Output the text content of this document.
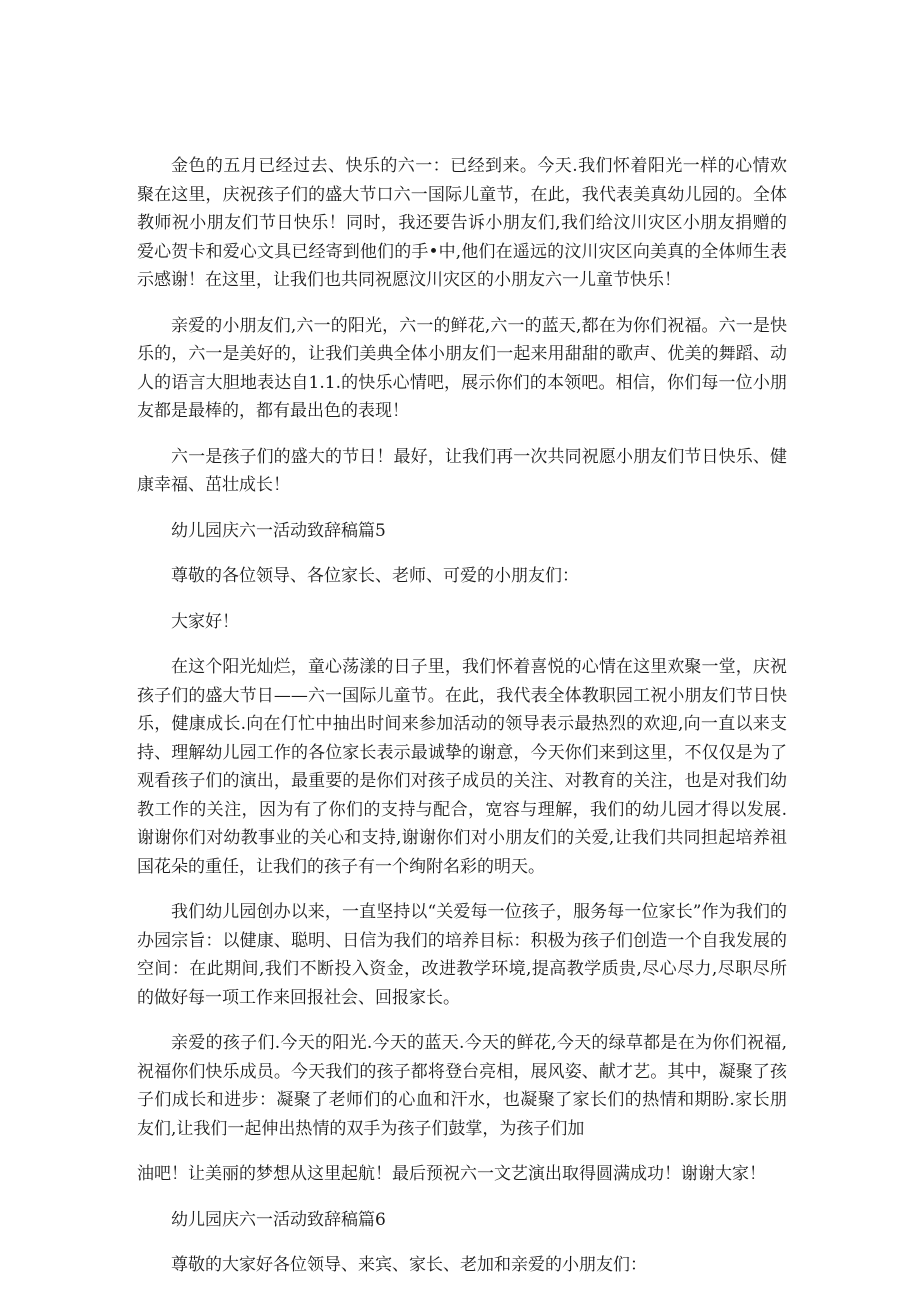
金色的五月已经过去、快乐的六一：已经到来。今天.我们怀着阳光一样的心情欢聚在这里，庆祝孩子们的盛大节口六一国际儿童节，在此，我代表美真幼儿园的。全体教师祝小朋友们节日快乐！同时，我还要告诉小朋友们,我们给汶川灾区小朋友捐赠的爱心贺卡和爱心文具已经寄到他们的手•中,他们在遥远的汶川灾区向美真的全体师生表示感谢！在这里，让我们也共同祝愿汶川灾区的小朋友六一儿童节快乐！

亲爱的小朋友们,六一的阳光，六一的鲜花,六一的蓝天,都在为你们祝福。六一是快乐的，六一是美好的，让我们美典全体小朋友们一起来用甜甜的歌声、优美的舞蹈、动人的语言大胆地表达自1.1.的快乐心情吧，展示你们的本领吧。相信，你们每一位小朋友都是最棒的，都有最出色的表现！

六一是孩子们的盛大的节日！最好，让我们再一次共同祝愿小朋友们节日快乐、健康幸福、茁壮成长！

幼儿园庆六一活动致辞稿篇5

尊敬的各位领导、各位家长、老师、可爱的小朋友们：

大家好！

在这个阳光灿烂，童心荡漾的日子里，我们怀着喜悦的心情在这里欢聚一堂，庆祝孩子们的盛大节日——六一国际儿童节。在此，我代表全体教职园工祝小朋友们节日快乐，健康成长.向在仃忙中抽出时间来参加活动的领导表示最热烈的欢迎,向一直以来支持、理解幼儿园工作的各位家长表示最诚挚的谢意，今天你们来到这里，不仅仅是为了观看孩子们的演出，最重要的是你们对孩子成员的关注、对教育的关注，也是对我们幼教工作的关注，因为有了你们的支持与配合，宽容与理解，我们的幼儿园才得以发展.谢谢你们对幼教事业的关心和支持,谢谢你们对小朋友们的关爱,让我们共同担起培养祖国花朵的重任，让我们的孩子有一个绚附名彩的明天。

我们幼儿园创办以来，一直坚持以“关爱每一位孩子，服务每一位家长”作为我们的办园宗旨：以健康、聪明、日信为我们的培养目标：积极为孩子们创造一个自我发展的空间：在此期间,我们不断投入资金，改进教学环境,提高教学质贵,尽心尽力,尽职尽所的做好每一项工作来回报社会、回报家长。

亲爱的孩子们.今天的阳光.今天的蓝天.今天的鲜花,今天的绿草都是在为你们祝福,祝福你们快乐成员。今天我们的孩子都将登台亮相，展风姿、献才艺。其中，凝聚了孩子们成长和进步：凝聚了老师们的心血和汗水，也凝聚了家长们的热情和期盼.家长朋友们,让我们一起伸出热情的双手为孩子们鼓掌，为孩子们加

油吧！让美丽的梦想从这里起航！最后预祝六一文艺演出取得圆满成功！谢谢大家！

幼儿园庆六一活动致辞稿篇6

尊敬的大家好各位领导、来宾、家长、老加和亲爱的小朋友们：
